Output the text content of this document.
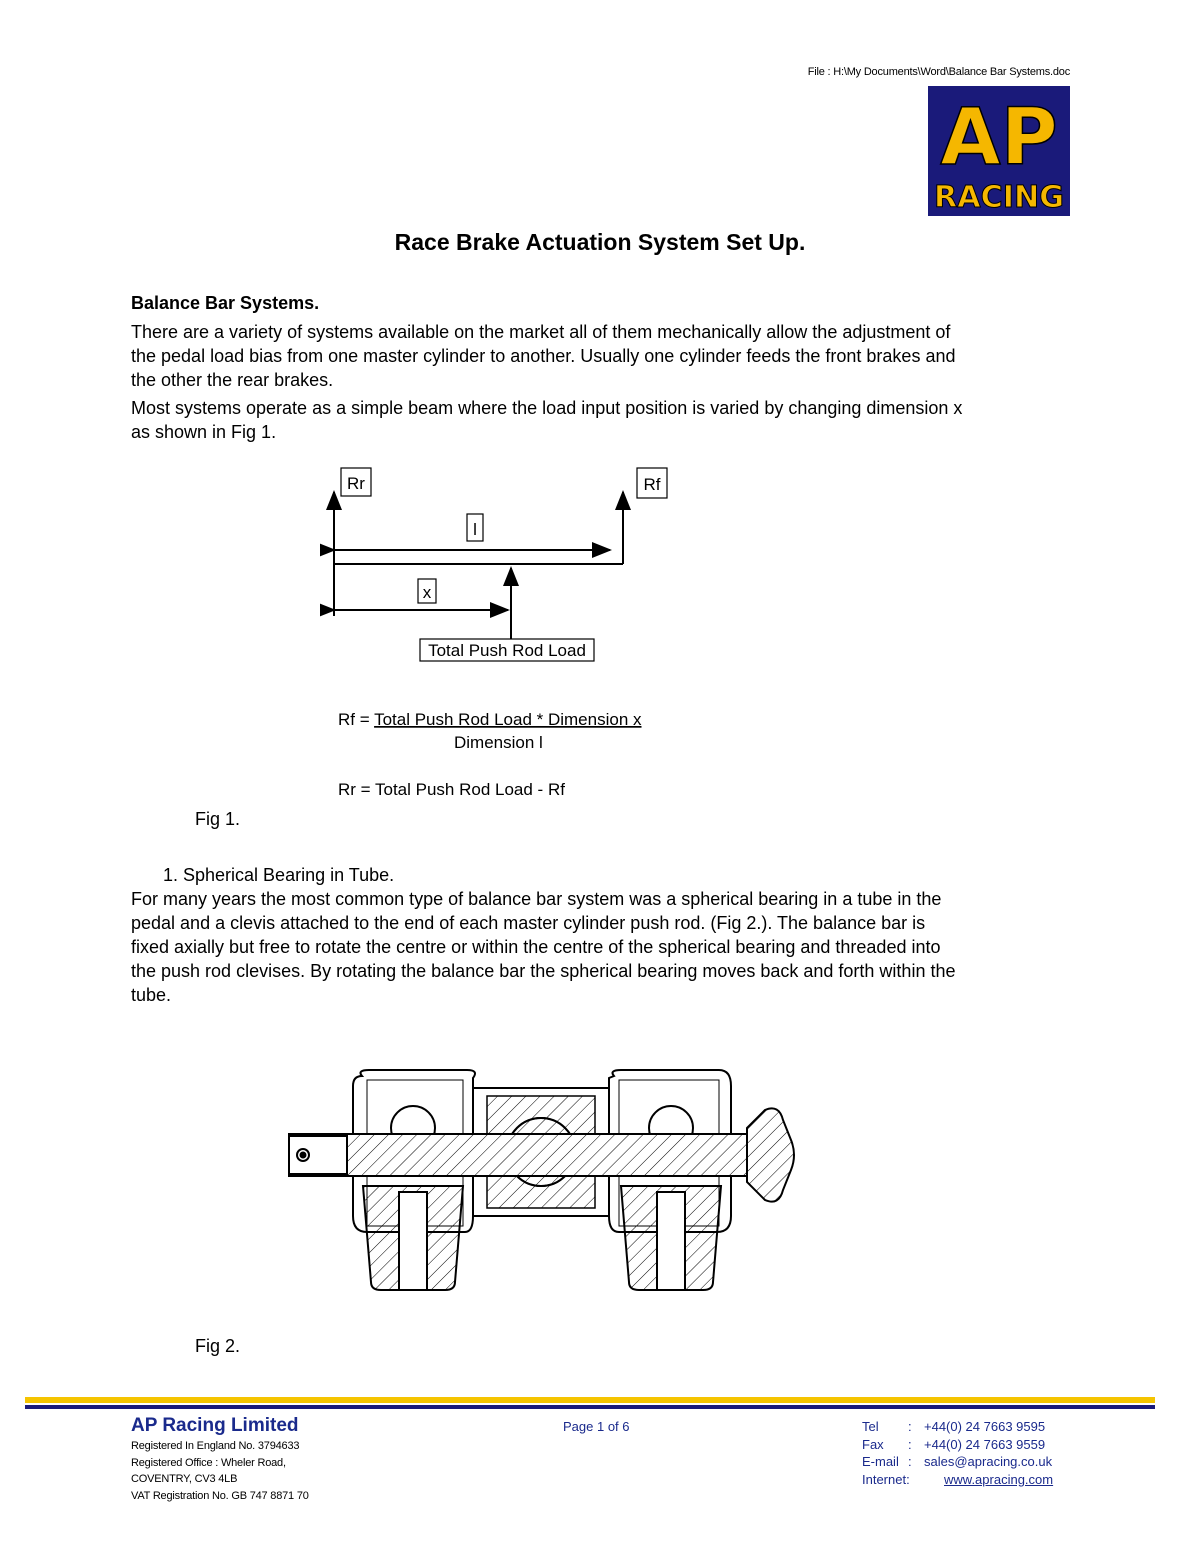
File : H:\My Documents\Word\Balance Bar Systems.doc
AP
RACING
Race Brake Actuation System Set Up.
Balance Bar Systems.
There are a variety of systems available on the market all of them mechanically allow the adjustment of
the pedal load bias from one master cylinder to another. Usually one cylinder feeds the front brakes and
the other the rear brakes.
Most systems operate as a simple beam where the load input position is varied by changing dimension x
as shown in Fig 1.
Rr	Rf
l
x
Total Push Rod Load
Rf = Total Push Rod Load * Dimension x
Dimension l
Rr = Total Push Rod Load - Rf
Fig 1.
1. Spherical Bearing in Tube.
For many years the most common type of balance bar system was a spherical bearing in a tube in the
pedal and a clevis attached to the end of each master cylinder push rod. (Fig 2.). The balance bar is
fixed axially but free to rotate the centre or within the centre of the spherical bearing and threaded into
the push rod clevises. By rotating the balance bar the spherical bearing moves back and forth within the
tube.
Fig 2.
AP Racing Limited
Registered In England No. 3794633
Registered Office : Wheler Road,
COVENTRY, CV3 4LB
VAT Registration No. GB 747 8871 70
Page 1 of 6	Tel	: +44(0) 24 7663 9595
Fax	: +44(0) 24 7663 9559
E-mail : sales@apracing.co.uk
Internet:	www.apracing.com
